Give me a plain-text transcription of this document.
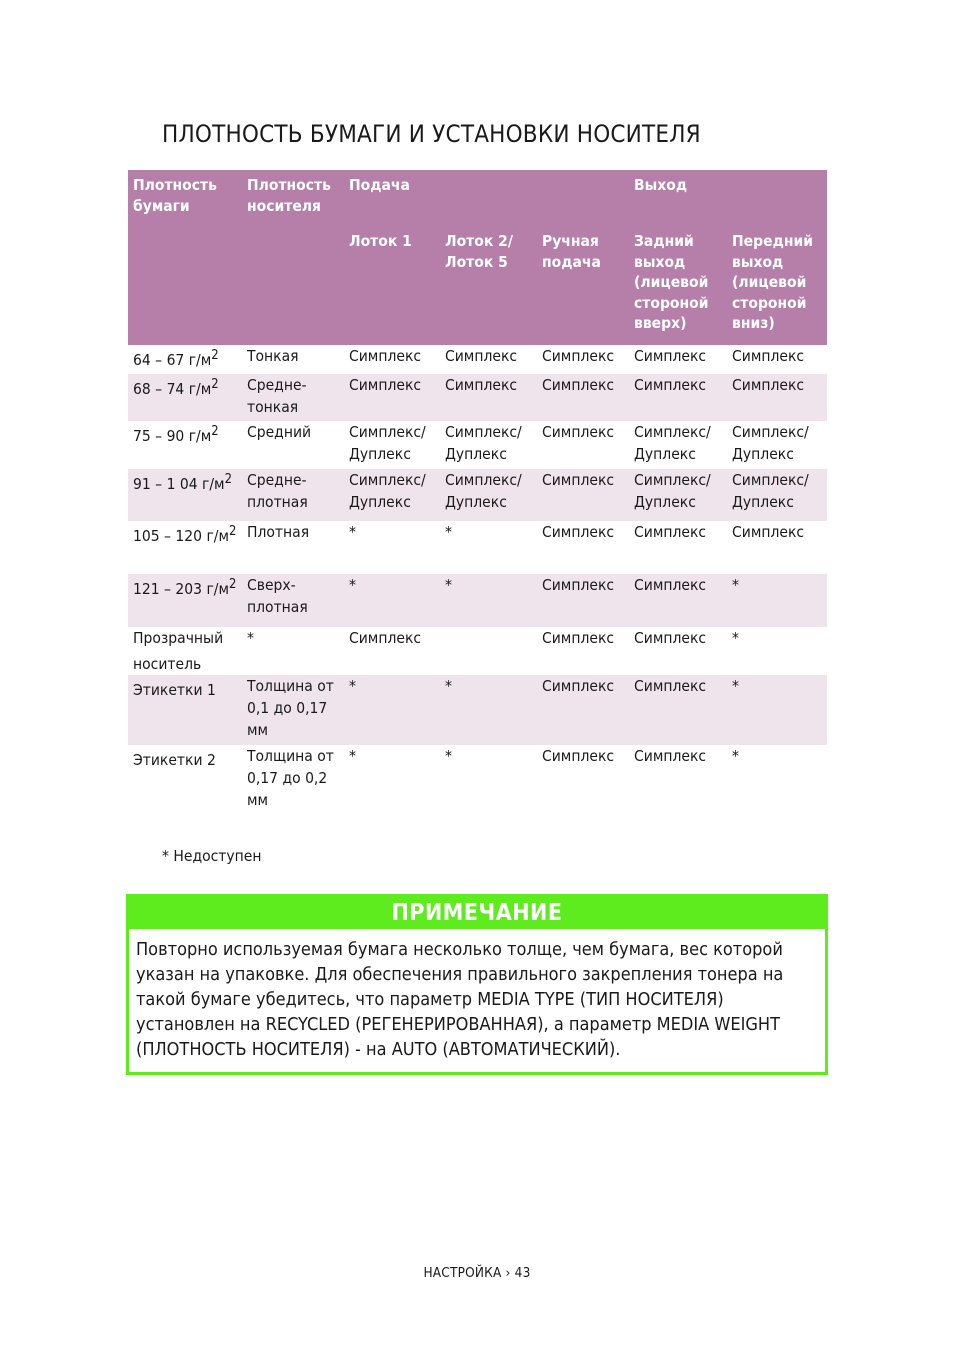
ПЛОТНОСТЬ БУМАГИ И УСТАНОВКИ НОСИТЕЛЯ
Плотность бумаги	Плотность носителя	Подача			Выход	
		Лоток 1	Лоток 2/ Лоток 5	Ручная подача	Задний выход (лицевой стороной вверх)	Передний выход (лицевой стороной вниз)
64 – 67 $г/м^2$	Тонкая	Симплекс	Симплекс	Симплекс	Симплекс	Симплекс
68 – 74 $г/м^2$	Средне-тонкая	Симплекс	Симплекс	Симплекс	Симплекс	Симплекс
75 – 90 $г/м^2$	Средний	Симплекс/ Дуплекс	Симплекс/ Дуплекс	Симплекс	Симплекс/ Дуплекс	Симплекс/ Дуплекс
91 – 1 04 $г/м^2$	Средне-плотная	Симплекс/ Дуплекс	Симплекс/ Дуплекс	Симплекс	Симплекс/ Дуплекс	Симплекс/ Дуплекс
105 – 120 $г/м^2$	Плотная	*	*	Симплекс	Симплекс	Симплекс
121 – 203 $г/м^2$	Сверх-плотная	*	*	Симплекс	Симплекс	*
Прозрачный носитель	*	Симплекс		Симплекс	Симплекс	*
Этикетки 1	Толщина от 0,1 до 0,17 мм	*	*	Симплекс	Симплекс	*
Этикетки 2	Толщина от 0,17 до 0,2 мм	*	*	Симплекс	Симплекс	*
* Недоступен
ПРИМЕЧАНИЕ
Повторно используемая бумага несколько толще, чем бумага, вес которой указан на упаковке. Для обеспечения правильного закрепления тонера на такой бумаге убедитесь, что параметр MEDIA TYPE (ТИП НОСИТЕЛЯ) установлен на RECYCLED (РЕГЕНЕРИРОВАННАЯ), а параметр MEDIA WEIGHT (ПЛОТНОСТЬ НОСИТЕЛЯ) - на AUTO (АВТОМАТИЧЕСКИЙ).
НАСТРОЙКА › 43
